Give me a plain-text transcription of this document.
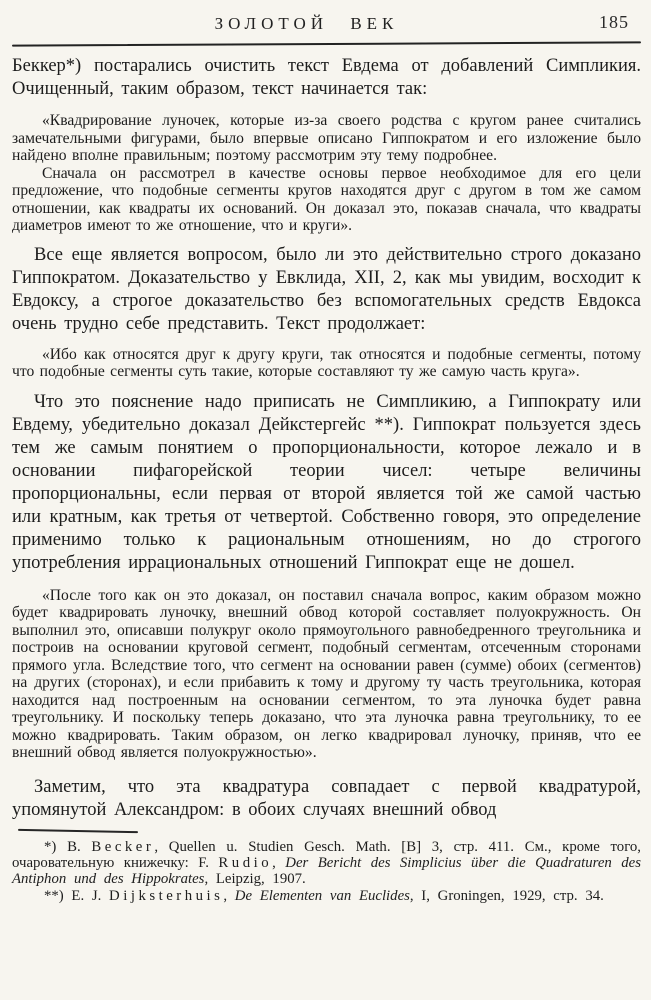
ЗОЛОТОЙ ВЕК	185

Беккер*) постарались очистить текст Евдема от добавлений Симпликия. Очищенный, таким образом, текст начинается так:

«Квадрирование луночек, которые из-за своего родства с кругом ранее считались замечательными фигурами, было впервые описано Гиппократом и его изложение было найдено вполне правильным; поэтому рассмотрим эту тему подробнее.

Сначала он рассмотрел в качестве основы первое необходимое для его цели предложение, что подобные сегменты кругов находятся друг с другом в том же самом отношении, как квадраты их оснований. Он доказал это, показав сначала, что квадраты диаметров имеют то же отношение, что и круги».

Все еще является вопросом, было ли это действительно строго доказано Гиппократом. Доказательство у Евклида, XII, 2, как мы увидим, восходит к Евдоксу, а строгое доказательство без вспомогательных средств Евдокса очень трудно себе представить. Текст продолжает:

«Ибо как относятся друг к другу круги, так относятся и подобные сегменты, потому что подобные сегменты суть такие, которые составляют ту же самую часть круга».

Что это пояснение надо приписать не Симпликию, а Гиппократу или Евдему, убедительно доказал Дейкстергейс **). Гиппократ пользуется здесь тем же самым понятием о пропорциональности, которое лежало и в основании пифагорейской теории чисел: четыре величины пропорциональны, если первая от второй является той же самой частью или кратным, как третья от четвертой. Собственно говоря, это определение применимо только к рациональным отношениям, но до строгого употребления иррациональных отношений Гиппократ еще не дошел.

«После того как он это доказал, он поставил сначала вопрос, каким образом можно будет квадрировать луночку, внешний обвод которой составляет полуокружность. Он выполнил это, описавши полукруг около прямоугольного равнобедренного треугольника и построив на основании круговой сегмент, подобный сегментам, отсеченным сторонами прямого угла. Вследствие того, что сегмент на основании равен (сумме) обоих (сегментов) на других (сторонах), и если прибавить к тому и другому ту часть треугольника, которая находится над построенным на основании сегментом, то эта луночка будет равна треугольнику. И поскольку теперь доказано, что эта луночка равна треугольнику, то ее можно квадрировать. Таким образом, он легко квадрировал луночку, приняв, что ее внешний обвод является полуокружностью».

Заметим, что эта квадратура совпадает с первой квадратурой, упомянутой Александром: в обоих случаях внешний обвод

*) B. Becker, Quellen u. Studien Gesch. Math. [B] 3, стр. 411. См., кроме того, очаровательную книжечку: F. Rudio, Der Bericht des Simplicius über die Quadraturen des Antiphon und des Hippokrates, Leipzig, 1907.

**) E. J. Dijksterhuis, De Elementen van Euclides, I, Groningen, 1929, стр. 34.
